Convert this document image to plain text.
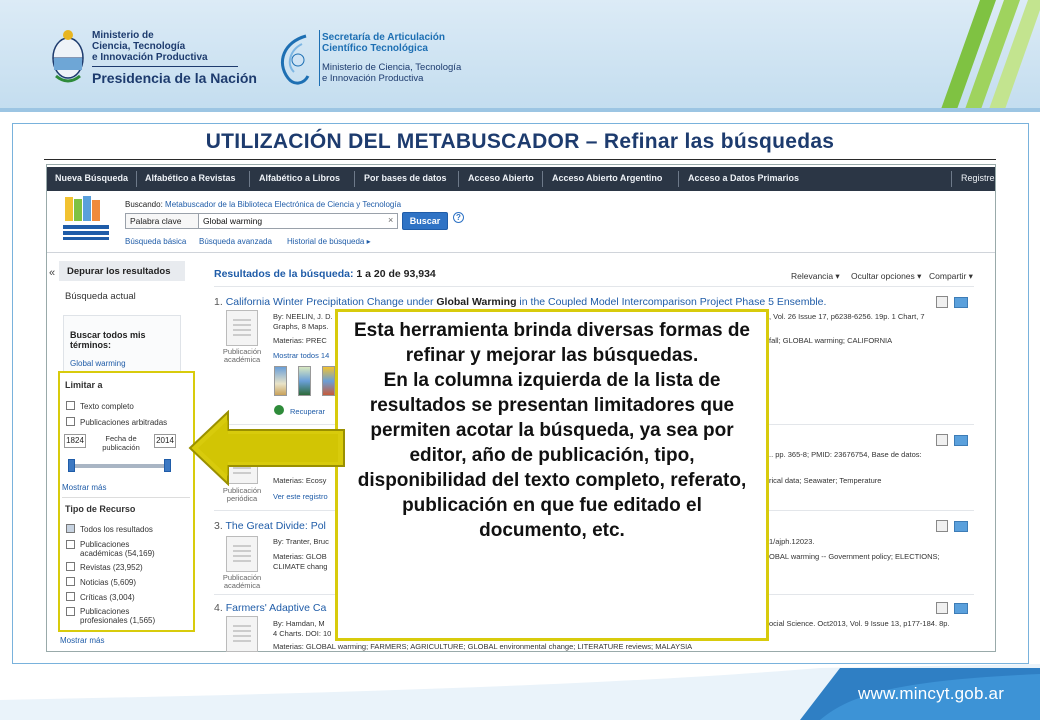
Ministerio de
Ciencia, Tecnología
e Innovación Productiva
Presidencia de la Nación
Secretaría de Articulación
Científico Tecnológica
Ministerio de Ciencia, Tecnología
e Innovación Productiva
UTILIZACIÓN DEL METABUSCADOR – Refinar las búsquedas
Nueva Búsqueda Alfabético a Revistas	Alfabético a Libros	Por bases de datos Acceso Abierto Acceso Abierto Argentino	Acceso a Datos Primarios	Registre
Buscando: Metabuscador de la Biblioteca Electrónica de Ciencia y Tecnología
Palabra clave	Global warming	×	Buscar	?
Búsqueda básica Búsqueda avanzada Historial de búsqueda ▸
«	Depurar los resultados
Búsqueda actual
Buscar todos mis términos:
Global warming
Limitar a
Texto completo
Publicaciones arbitradas
1824	Fecha de publicación
2014
Mostrar más
Tipo de Recurso
Todos los resultados
Publicaciones académicas (54,169)
Revistas (23,952)
Noticias (5,609)
Críticas (3,004)
Publicaciones profesionales (1,565)
Mostrar más
Resultados de la búsqueda: 1 a 20 de 93,934	Relevancia ▾ Ocultar opciones ▾ Compartir ▾
1. California Winter Precipitation Change under Global Warming in the Coupled Model Intercomparison Project Phase 5 Ensemble.
Publicación académica
By: NEELIN, J. D.	, Vol. 26 Issue 17, p6238-6256. 19p. 1 Chart, 7
Graphs, 8 Maps.
Materias: PREC	fall; GLOBAL warming; CALIFORNIA
Mostrar todos 14
Recuperar
.. pp. 365-8; PMID: 23676754, Base de datos:
Publicación periódica
Materias: Ecosy	rical data; Seawater; Temperature
Ver este registro
3. The Great Divide: Pol
Publicación académica
By: Tranter, Bruc	1/ajph.12023.
Materias: GLOB	OBAL warming -- Government policy; ELECTIONS;
CLIMATE chang
4. Farmers' Adaptive Ca
By: Hamdan, M	ocial Science. Oct2013, Vol. 9 Issue 13, p177-184. 8p.
4 Charts. DOI: 10
Materias: GLOBAL warming; FARMERS; AGRICULTURE; GLOBAL environmental change; LITERATURE reviews; MALAYSIA
Esta herramienta brinda diversas formas de refinar y mejorar las búsquedas.
En la columna izquierda de la lista de resultados se presentan limitadores que permiten acotar la búsqueda, ya sea por editor, año de publicación, tipo, disponibilidad del texto completo, referato, publicación en que fue editado el documento, etc.
www.mincyt.gob.ar
